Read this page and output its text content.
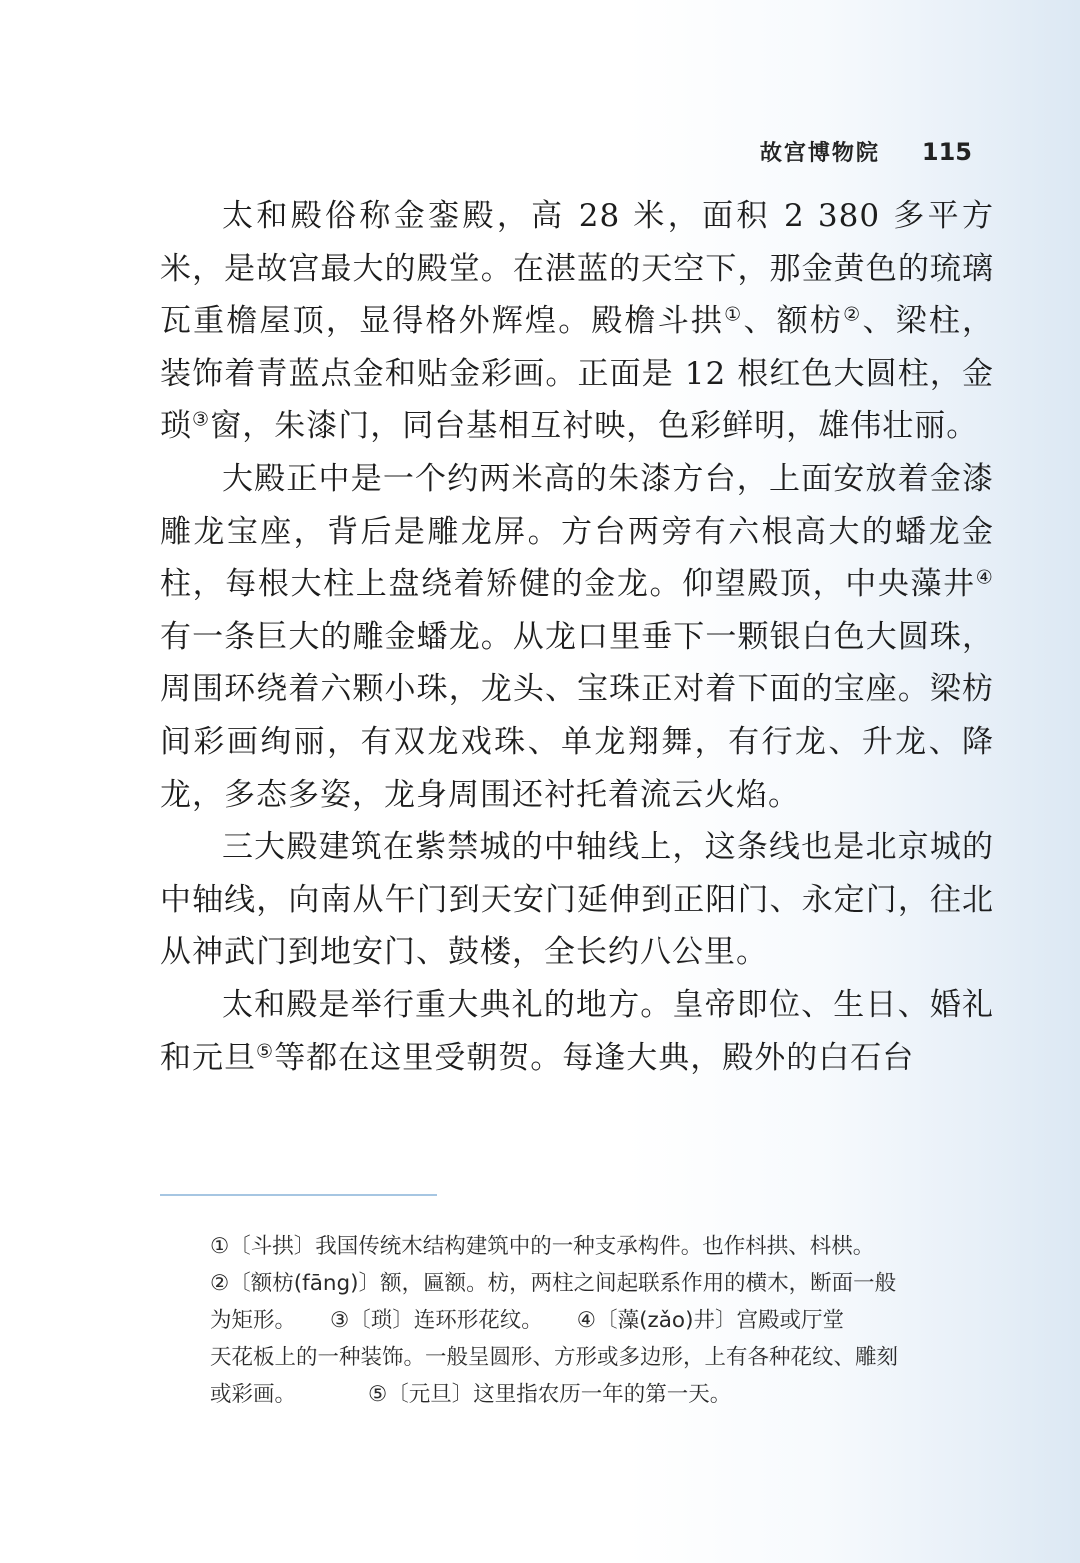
故宫博物院 115

太和殿俗称金銮殿，高 28 米，面积 2 380 多平方米，是故宫最大的殿堂。在湛蓝的天空下，那金黄色的琉璃瓦重檐屋顶，显得格外辉煌。殿檐斗拱①、额枋②、梁柱，装饰着青蓝点金和贴金彩画。正面是 12 根红色大圆柱，金琐③窗，朱漆门，同台基相互衬映，色彩鲜明，雄伟壮丽。

大殿正中是一个约两米高的朱漆方台，上面安放着金漆雕龙宝座，背后是雕龙屏。方台两旁有六根高大的蟠龙金柱，每根大柱上盘绕着矫健的金龙。仰望殿顶，中央藻井④有一条巨大的雕金蟠龙。从龙口里垂下一颗银白色大圆珠，周围环绕着六颗小珠，龙头、宝珠正对着下面的宝座。梁枋间彩画绚丽，有双龙戏珠、单龙翔舞，有行龙、升龙、降龙，多态多姿，龙身周围还衬托着流云火焰。

三大殿建筑在紫禁城的中轴线上，这条线也是北京城的中轴线，向南从午门到天安门延伸到正阳门、永定门，往北从神武门到地安门、鼓楼，全长约八公里。

太和殿是举行重大典礼的地方。皇帝即位、生日、婚礼和元旦⑤等都在这里受朝贺。每逢大典，殿外的白石台

①〔斗拱〕我国传统木结构建筑中的一种支承构件。也作枓拱、枓栱。
②〔额枋(fāng)〕额，匾额。枋，两柱之间起联系作用的横木，断面一般
为矩形。 ③〔琐〕连环形花纹。 ④〔藻(zǎo)井〕宫殿或厅堂
天花板上的一种装饰。一般呈圆形、方形或多边形，上有各种花纹、雕刻
或彩画。	⑤〔元旦〕这里指农历一年的第一天。
